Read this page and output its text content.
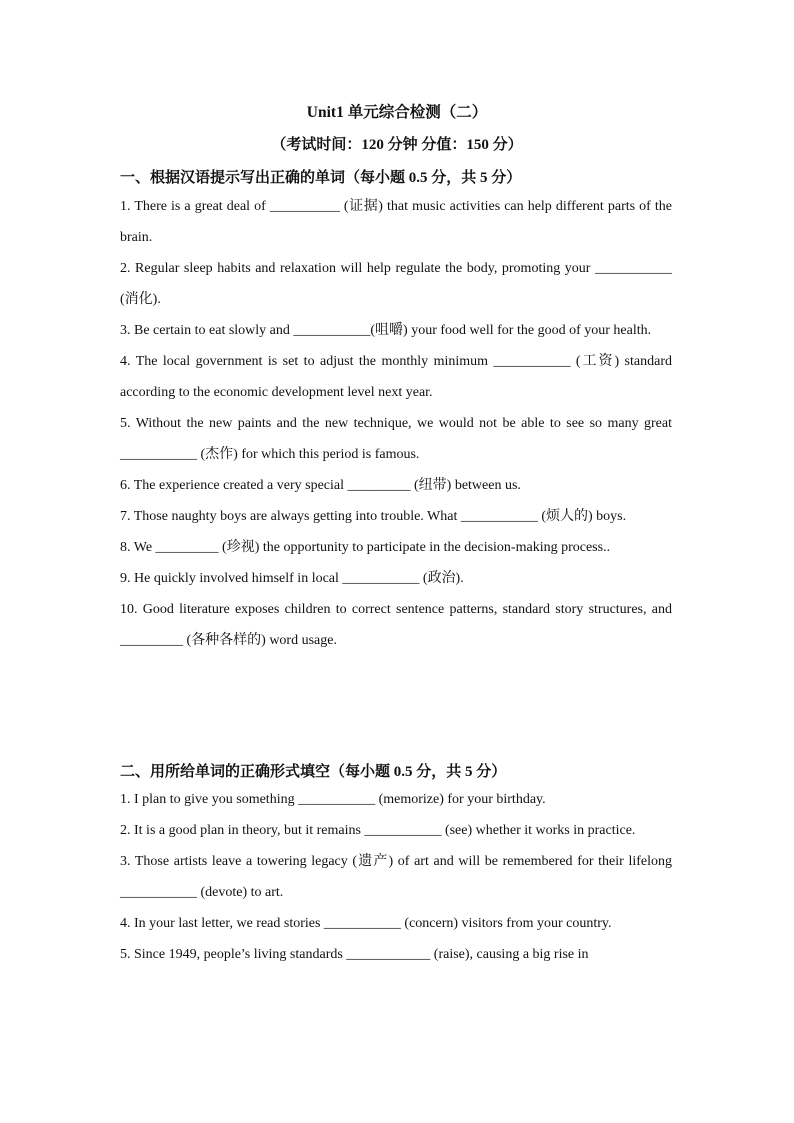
Unit1 单元综合检测（二）
（考试时间：120 分钟 分值：150 分）
一、根据汉语提示写出正确的单词（每小题 0.5 分，共 5 分）

1. There is a great deal of __________ (证据) that music activities can help different parts of the brain.

2. Regular sleep habits and relaxation will help regulate the body, promoting your ___________ (消化).

3. Be certain to eat slowly and ___________(咀嚼) your food well for the good of your health.

4. The local government is set to adjust the monthly minimum ___________ (工资) standard according to the economic development level next year.

5. Without the new paints and the new technique, we would not be able to see so many great ___________ (杰作) for which this period is famous.

6. The experience created a very special _________ (纽带) between us.

7. Those naughty boys are always getting into trouble. What ___________ (烦人的) boys.

8. We _________ (珍视) the opportunity to participate in the decision-making process..

9. He quickly involved himself in local ___________ (政治).

10. Good literature exposes children to correct sentence patterns, standard story structures, and _________ (各种各样的) word usage.

二、用所给单词的正确形式填空（每小题 0.5 分，共 5 分）

1. I plan to give you something ___________ (memorize) for your birthday.

2. It is a good plan in theory, but it remains ___________ (see) whether it works in practice.

3. Those artists leave a towering legacy (遗产) of art and will be remembered for their lifelong ___________ (devote) to art.

4. In your last letter, we read stories ___________ (concern) visitors from your country.

5. Since 1949, people’s living standards ____________ (raise), causing a big rise in
